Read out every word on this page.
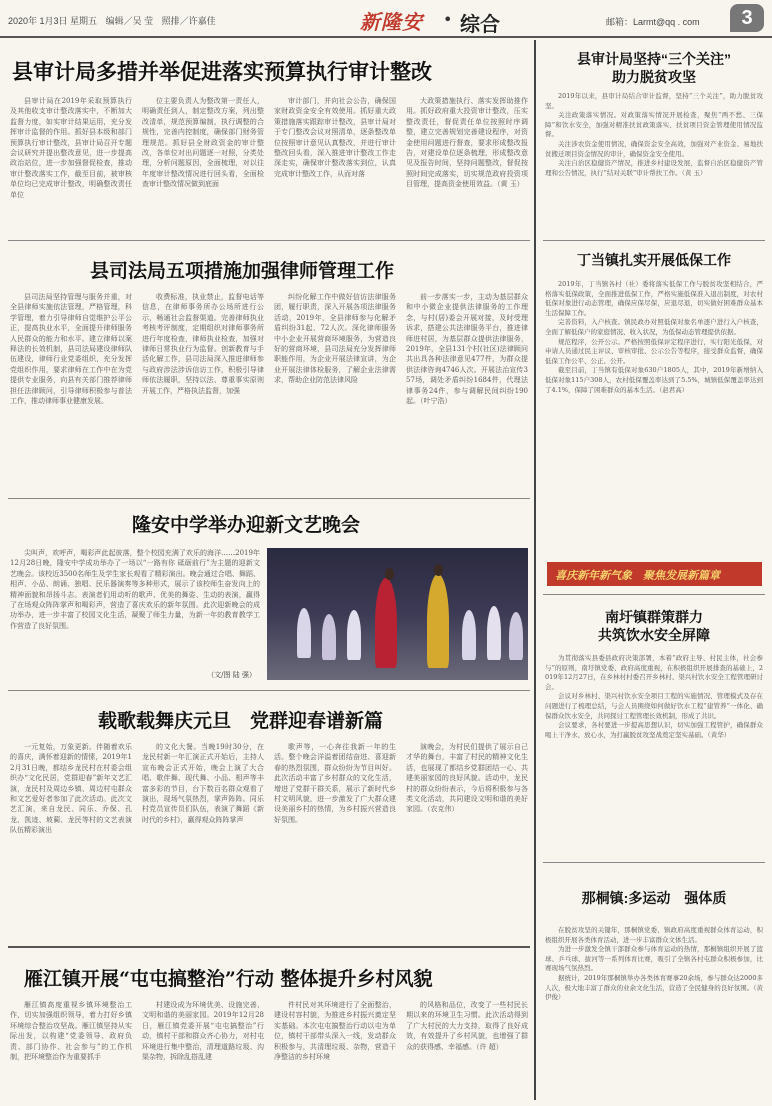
2020年 1月3日 星期五 编辑／吴 莹 照排／许嘉佳	新隆安 • 综合	邮箱：Larmt@qq . com	3
县审计局多措并举促进落实预算执行审计整改
县审计局在2019年采取预算执行及其他收支审计整改落实中，不断加大监督力度，如实审计结果运用，充分发挥审计监督的作用。抓好县本级和部门预算执行审计整改，县审计局召开专题会议研究并提出整改意见，进一步提高政治站位，进一步加强督促检查，推动审计整改落实工作，截至目前，被审核单位均已完成审计整改，明确整改责任单位
位主要负责人为整改第一责任人，明确责任到人，制定整改方案，列出整改清单，规范预算编制，执行调整的合规性，完善内控制度，确保部门财务管理规范。抓好县全财政资金的审计整改，各单位对出问题逐一对照，分类处理，分析问题原因，全面梳理，对以往年度审计整改情况进行回头看，全面检查审计整改情况做到底面
审计部门，并向社会公告，确保国家财政资金安全有效使用。抓好重大政策措施落实跟踪审计整改，县审计局对于专门整改会议对照清单，逐条整改单位按照审计意见认真整改，并进行审计整改回头看，深入推进审计整改工作走深走实，确保审计整改落实到位，认真完成审计整改工作，从而对落
大政策措施执行、落实发挥助推作用。抓好政府重大投资审计整改，压实整改责任，督促责任单位按照时序调整，建立完善规划完善建设程序，对资金使用问题进行督查，要求形成整改报告，对建设单位逐条梳理，形成整改意见及报告时间，坚持问题整改，督促按照时间完成落实，切实规范政府投资项目管理，提高资金使用效益。（黄 玉）
县司法局五项措施加强律师管理工作
县司法局坚持管理与服务并重，对全县律师实施依法管理，严格管理，科学管理，着力引导律师自觉维护公平公正，提高执业水平，全面提升律师服务人民群众的能力和水平。建立律师以案释法的长效机制，县司法局建设律师队伍建设，律师行业党委组织，充分发挥党组织作用，要求律师在工作中在为党提供专业服务，向县有关部门推荐律师担任法律顾问，引导律师积极参与普法工作，推动律师事业健康发展。
收费标准，执业禁止，监督电话等信息，在律师事务所办公场所进行公示，畅通社会监督渠道。完善律师执业考核考评制度，定期组织对律师事务所进行年度检查，律师执业检查，加强对律师日常执业行为监督。创新教育与手活化解工作，县司法局深入推进律师参与政府涉法涉诉信访工作，积极引导律师依法履职，坚持以法、尊重事实原则开展工作，严格执法监督，加强
纠纷化解工作中做好信访法律服务团，履行职责，深入开展各项法律服务活动，2019年，全县律师参与化解矛盾纠纷31起，72人次。深化律师服务中小企业开展营商环境服务，为营造良好的营商环境，县司法局充分发挥律师职能作用，为企业开展法律宣讲，为企业开展法律体检服务，了解企业法律需求，帮助企业防范法律风险
前一步落实一步，主动为基层群众和中小微企业提供法律服务的工作理念，与村(居)委会开展对接，及时受理诉求，搭建公共法律服务平台，推进律师进村居，为基层群众提供法律服务，2019年，全县131个村(社区)法律顾问共出具各种法律意见477件，为群众提供法律咨询4746人次。开展法治宣传357场，调处矛盾纠纷1684件，代理法律事务24件，参与调解民间纠纷190起。（叶宁浩）
隆安中学举办迎新文艺晚会
尖叫声，欢呼声，喝彩声此起彼落，整个校园充满了欢乐的海洋……2019年12月28日晚，隆安中学成功举办了一场以“一路有你 砥砺前行”为主题的迎新文艺晚会。该校近3500名师生及学生家长观看了精彩演出。晚会通过合唱、舞蹈、相声、小品、朗诵、独唱、民乐器演奏等多种形式，展示了该校师生奋发向上的精神面貌和昂扬斗志。表演者们用动听的歌声、优美的舞姿、生动的表演，赢得了在场观众阵阵掌声和喝彩声，营造了喜庆欢乐的新年氛围。此次迎新晚会的成功举办，进一步丰富了校园文化生活，凝聚了师生力量，为新一年的教育教学工作营造了良好氛围。
（文/图 陆 强）
载歌载舞庆元旦　党群迎春谱新篇
一元复始，万象更新。伴随着欢乐的喜庆，满怀着迎新的情愫，2019年12月31日晚，都结乡龙民村在村委会组织办“文化民居，党群迎春”新年文艺汇演，龙民村及周边乡镇、周边村屯群众和文艺爱好者参加了此次活动。此次文艺汇演，来自龙民、同乐、乔保、孔龙、凯迹、坡蔺、龙民等村的文艺表演队伍精彩演出
的文化大餐。当晚19时30分，在龙民村新一年汇演正式开始后，主持人宣布晚会正式开始，晚会上演了大合唱、歌伴舞、现代舞、小品、相声等丰富多彩的节目，台下数百名群众观看了演出，现场气氛热烈，掌声阵阵。同乐村党员宣传员们队伍，表演了舞蹈《新时代的乡村》，赢得观众阵阵掌声
歌声等，一心奔往我新一年的生活。整个晚会洋溢着团结奋进、喜迎新春的热烈氛围，群众纷纷为节目叫好。此次活动丰富了乡村群众的文化生活，增进了党群干群关系，展示了新时代乡村文明风貌，进一步激发了广大群众建设美丽乡村的热情，为乡村振兴营造良好氛围。
演晚会，为村民们提供了展示自己才华的舞台，丰富了村民的精神文化生活，也展现了都结乡党群团结一心、共建美丽家园的良好风貌。活动中，龙民村的群众纷纷表示，今后将积极参与各类文化活动，共同建设文明和谐的美好家园。（农克伟）
雁江镇开展“屯屯搞整治”行动 整体提升乡村风貌
雁江镇高度重视乡镇环境整治工作，切实加强组织领导，着力打好乡镇环境综合整治攻坚战。雁江镇坚持从实际出发，以构建“党委领导、政府负责、部门协作、社会参与”的工作机制，把环境整治作为重要抓手
村建设成为环境优美、设施完善、文明和谐的美丽家园。2019年12月28日，雁江镇党委开展“屯屯搞整治”行动，镇村干部和群众齐心协力，对村屯环境进行集中整治，清理道路垃圾、沟渠杂物，拆除乱搭乱建
件村民对其环境进行了全面整治，建设村容村貌，为推进乡村振兴奠定坚实基础。本次屯屯搞整治行动以屯为单位，镇村干部带头深入一线，发动群众积极参与，共清理垃圾、杂物，营造干净整洁的乡村环境
的风格和品位，改变了一些村民长期以来的环境卫生习惯。此次活动得到了广大村民的大力支持，取得了良好成效，有效提升了乡村风貌，也增强了群众的获得感、幸福感。（许 超）
县审计局坚持“三个关注”
助力脱贫攻坚

2019年以来，县审计局结合审计监督，坚持“三个关注”，助力脱贫攻坚。

关注政策落实情况。对政策落实情况开展检查，聚焦“两不愁、三保障”和饮水安全，加强对精准扶贫政策落实、扶贫项目资金管理使用情况监督。

关注涉农资金使用情况，确保资金安全高效，加强对产业资金、易地扶贫搬迁项目资金情况的审计，确保资金安全使用。

关注自治区稳健资产情况，推进乡村建设发展，监督自治区稳健资产管理和公告情况，执行“结对关联”审计帮扶工作。（黄 玉）

丁当镇扎实开展低保工作

2019年，丁当镇各村（社）委将落实低保工作与脱贫攻坚相结合，严格落实低保政策，全面推进低保工作，严格实施低保准入退出制度，对农村低保对象进行动态管理，确保应保尽保，应退尽退，切实做好困难群众基本生活保障工作。

完善资料，入户核查。镇民政办对照低保对象名单逐户进行入户核查，全面了解低保户的家庭情况、收入状况，为低保动态管理提供依据。

规范程序，公开公示。严格按照低保评定程序进行，实行阳光低保，对申请人员通过民主评议、审核审批、公示公告等程序，接受群众监督，确保低保工作公平、公正、公开。

截至目前，丁当镇有低保对象630户1805人，其中，2019年新增纳入低保对象115户308人，农村低保覆盖率达到了5.5%，城镇低保覆盖率达到了4.1%，保障了困难群众的基本生活。（赵君高）

喜庆新年新气象　聚焦发展新篇章
南圩镇群策群力
共筑饮水安全屏障

为贯彻落实县委县政府决策部署，本着“政府主导、村民主体，社会参与”的原则，南圩镇党委、政府高度重视，在积极组织开展排查的基础上，2019年12月27日，在乡林村村委召开乡林村、渠兴村饮水安全工程管理研讨会。

会议对乡林村、渠兴村饮水安全项目工程的实施情况、管理模式及存在问题进行了梳理总结，与会人员围绕如何做好饮水工程“建管养”一体化、确保群众饮水安全，共同探讨工程管理长效机制，形成了共识。

会议要求，各村要进一步提高思想认识，切实加强工程管护，确保群众喝上干净水、放心水，为打赢脱贫攻坚战奠定坚实基础。（黄华）

那桐镇:多运动　强体质

在脱贫攻坚的关键年，那桐镇党委、镇政府高度重视群众体育运动，积极组织开展各类体育活动，进一步丰富群众文体生活。

为进一步激发全镇干部群众参与体育运动的热情，那桐镇组织开展了篮球、乒乓球、拔河等一系列体育比赛，吸引了全镇各村屯群众积极参加，比赛现场气氛热烈。

据统计，2019年那桐镇举办各类体育赛事20余场，参与群众达2000多人次，极大地丰富了群众的业余文化生活，营造了全民健身的良好氛围。（黄伊俊）
